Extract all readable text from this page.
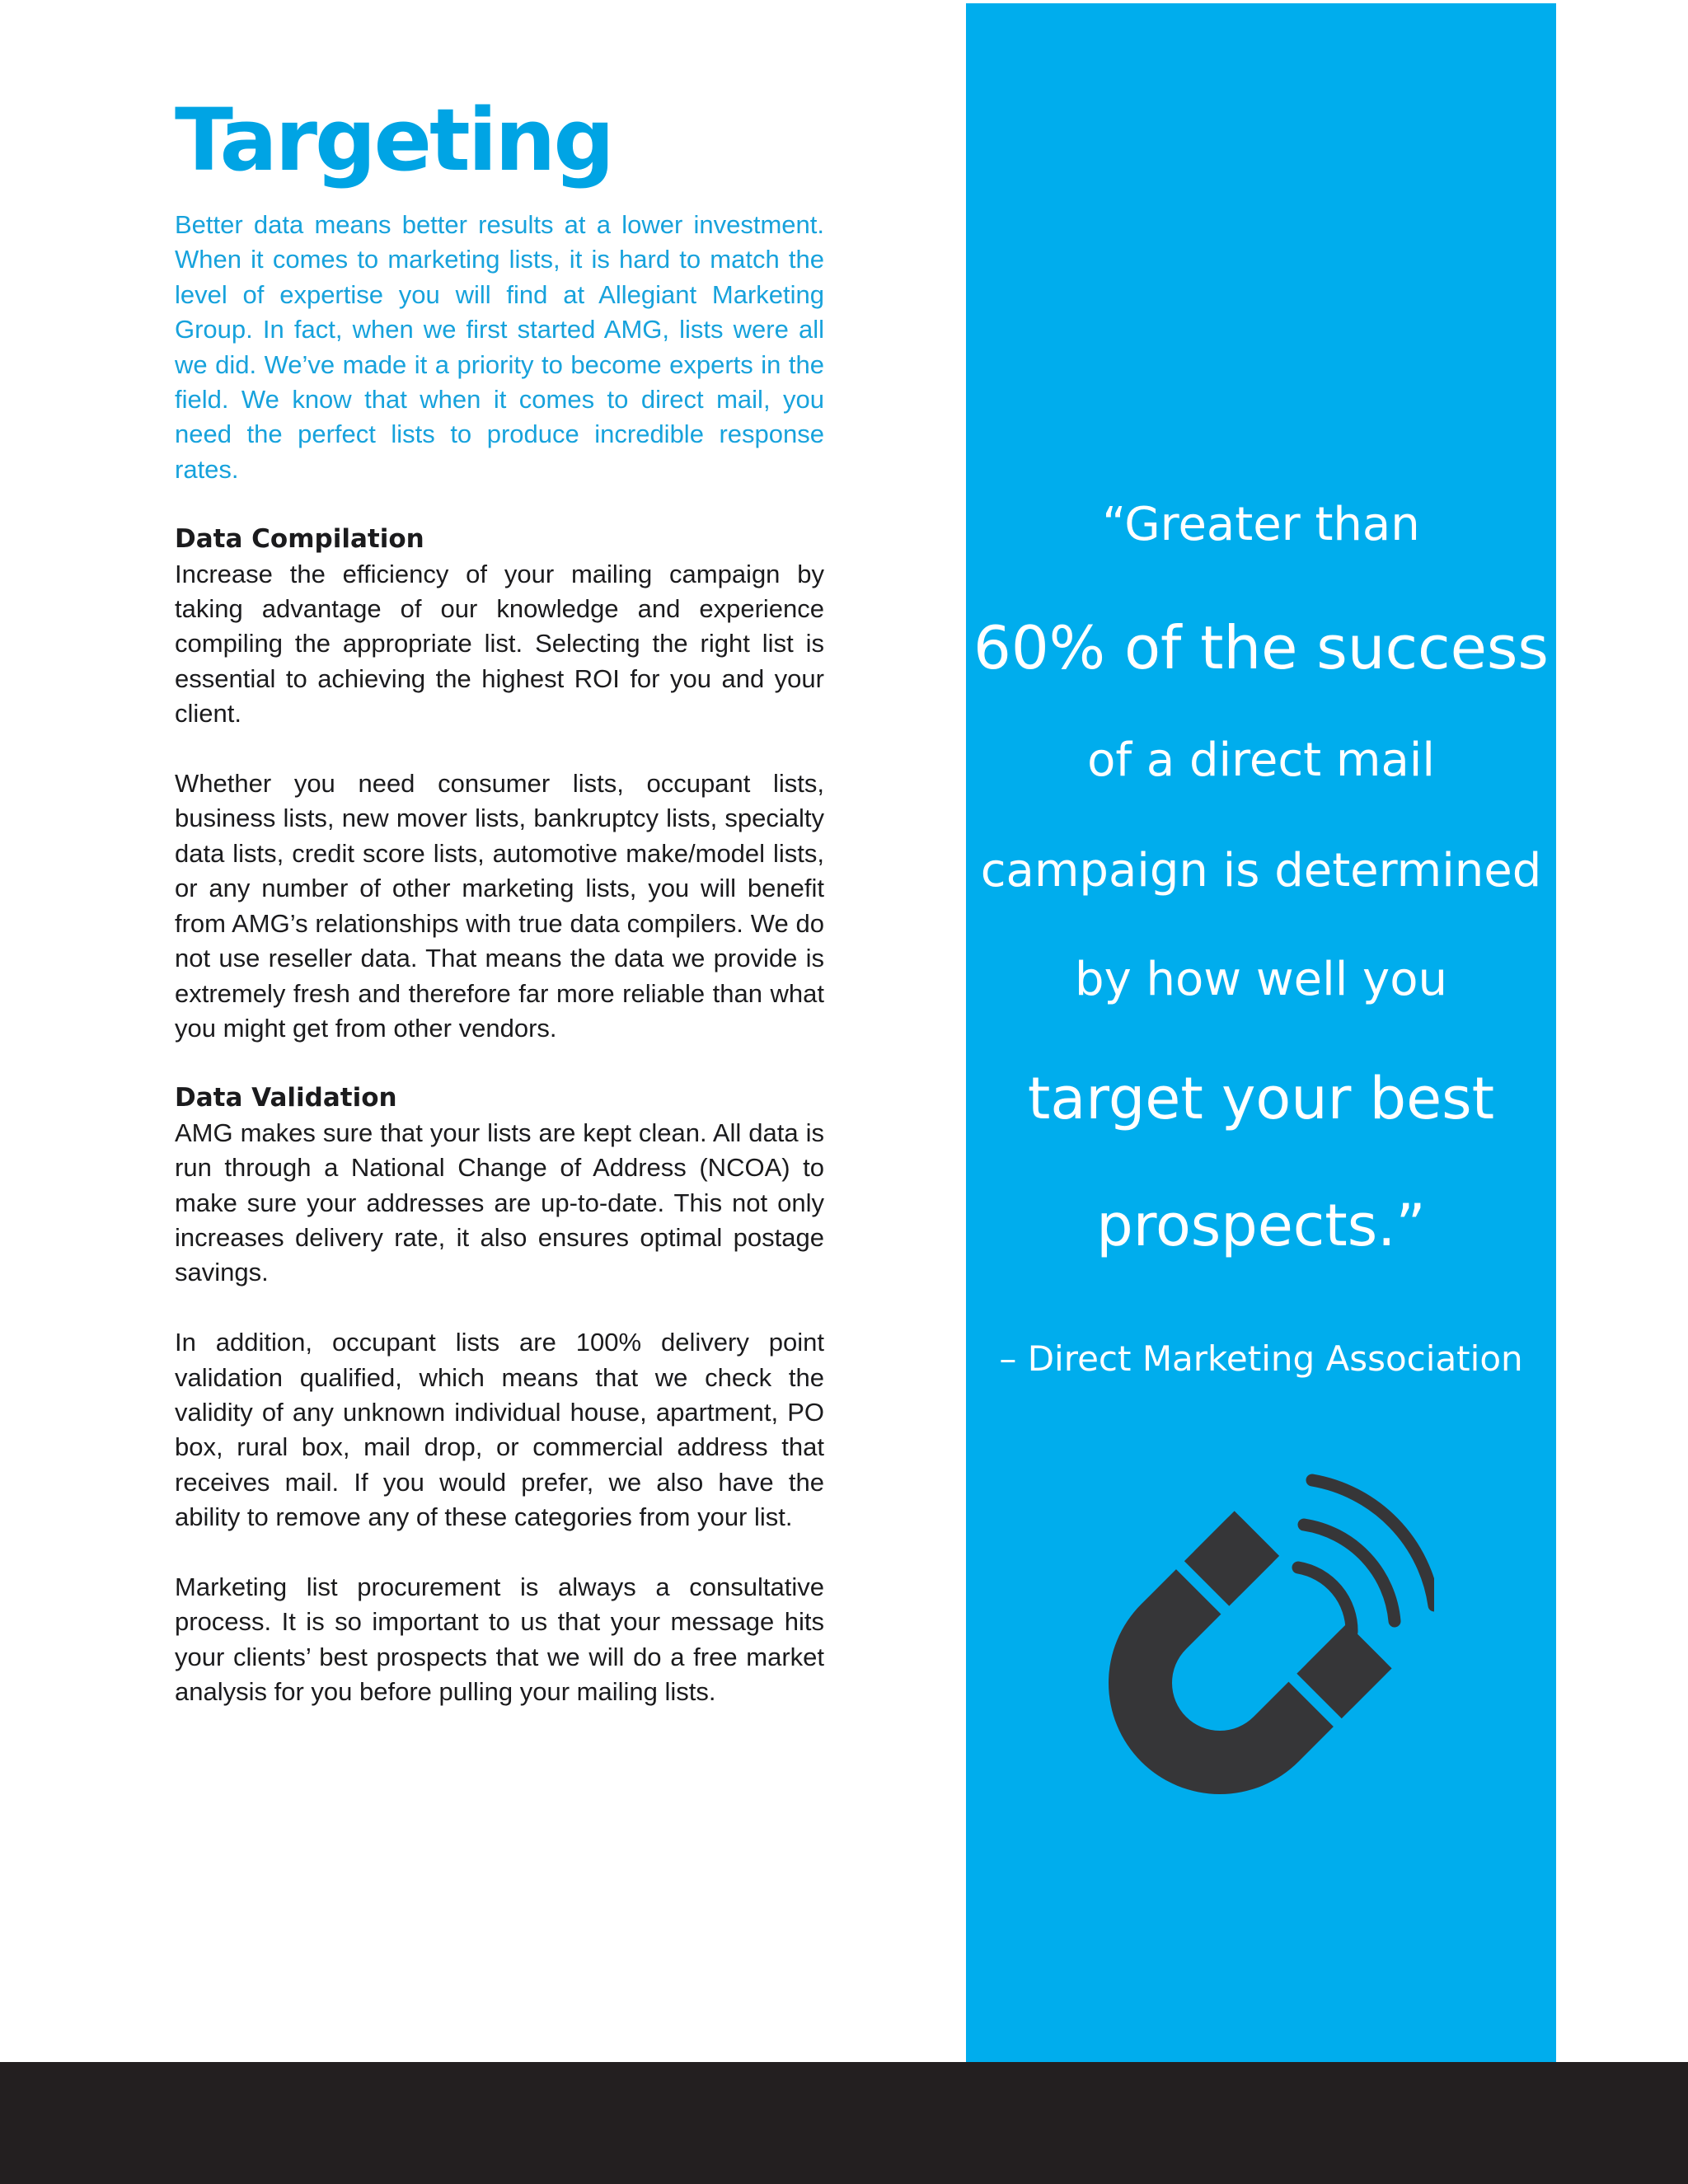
Targeting

Better data means better results at a lower investment. When it comes to marketing lists, it is hard to match the level of expertise you will find at Allegiant Marketing Group. In fact, when we first started AMG, lists were all we did. We’ve made it a priority to become experts in the field. We know that when it comes to direct mail, you need the perfect lists to produce incredible response rates.

Data Compilation

Increase the efficiency of your mailing campaign by taking advantage of our knowledge and experience compiling the appropriate list. Selecting the right list is essential to achieving the highest ROI for you and your client.

Whether you need consumer lists, occupant lists, business lists, new mover lists, bankruptcy lists, specialty data lists, credit score lists, automotive make/model lists, or any number of other marketing lists, you will benefit from AMG’s relationships with true data compilers. We do not use reseller data. That means the data we provide is extremely fresh and therefore far more reliable than what you might get from other vendors.

Data Validation

AMG makes sure that your lists are kept clean. All data is run through a National Change of Address (NCOA) to make sure your addresses are up-to-date. This not only increases delivery rate, it also ensures optimal postage savings.

In addition, occupant lists are 100% delivery point validation qualified, which means that we check the validity of any unknown individual house, apartment, PO box, rural box, mail drop, or commercial address that receives mail. If you would prefer, we also have the ability to remove any of these categories from your list.

Marketing list procurement is always a consultative process. It is so important to us that your message hits your clients’ best prospects that we will do a free market analysis for you before pulling your mailing lists.

“Greater than
60% of the success
of a direct mail
campaign is determined
by how well you
target your best
prospects.”
– Direct Marketing Association
